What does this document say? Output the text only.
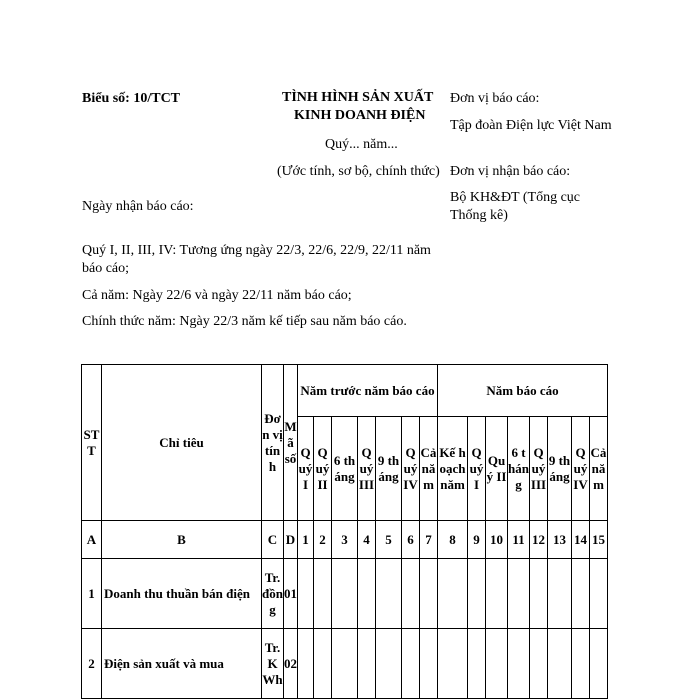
Biểu số: 10/TCT	TÌNH HÌNH SẢN XUẤT
KINH DOANH ĐIỆN
Quý... năm...
(Ước tính, sơ bộ, chính thức)
Đơn vị báo cáo:
Tập đoàn Điện lực Việt Nam
Đơn vị nhận báo cáo:
Bộ KH&ĐT (Tổng cục
Thống kê)
Ngày nhận báo cáo:
Quý I, II, III, IV: Tương ứng ngày 22/3, 22/6, 22/9, 22/11 năm báo cáo;
Cả năm: Ngày 22/6 và ngày 22/11 năm báo cáo;
Chính thức năm: Ngày 22/3 năm kế tiếp sau năm báo cáo.
STT	Chỉ tiêu	Đơn vị tính	Mã số	Năm trước năm báo cáo							Năm báo cáo							
				Quý I	Quý II	6 tháng	Quý III	9 tháng	Quý IV	Cả năm	Kế hoạch năm	Quý I	Quý II	6 tháng	Quý III	9 tháng	Quý IV	Cả năm
A	B	C	D	1	2	3	4	5	6	7	8	9	10	11	12	13	14	15
1	Doanh thu thuần bán điện	Tr. đồng	01															
2	Điện sản xuất và mua	Tr. KWh	02															
